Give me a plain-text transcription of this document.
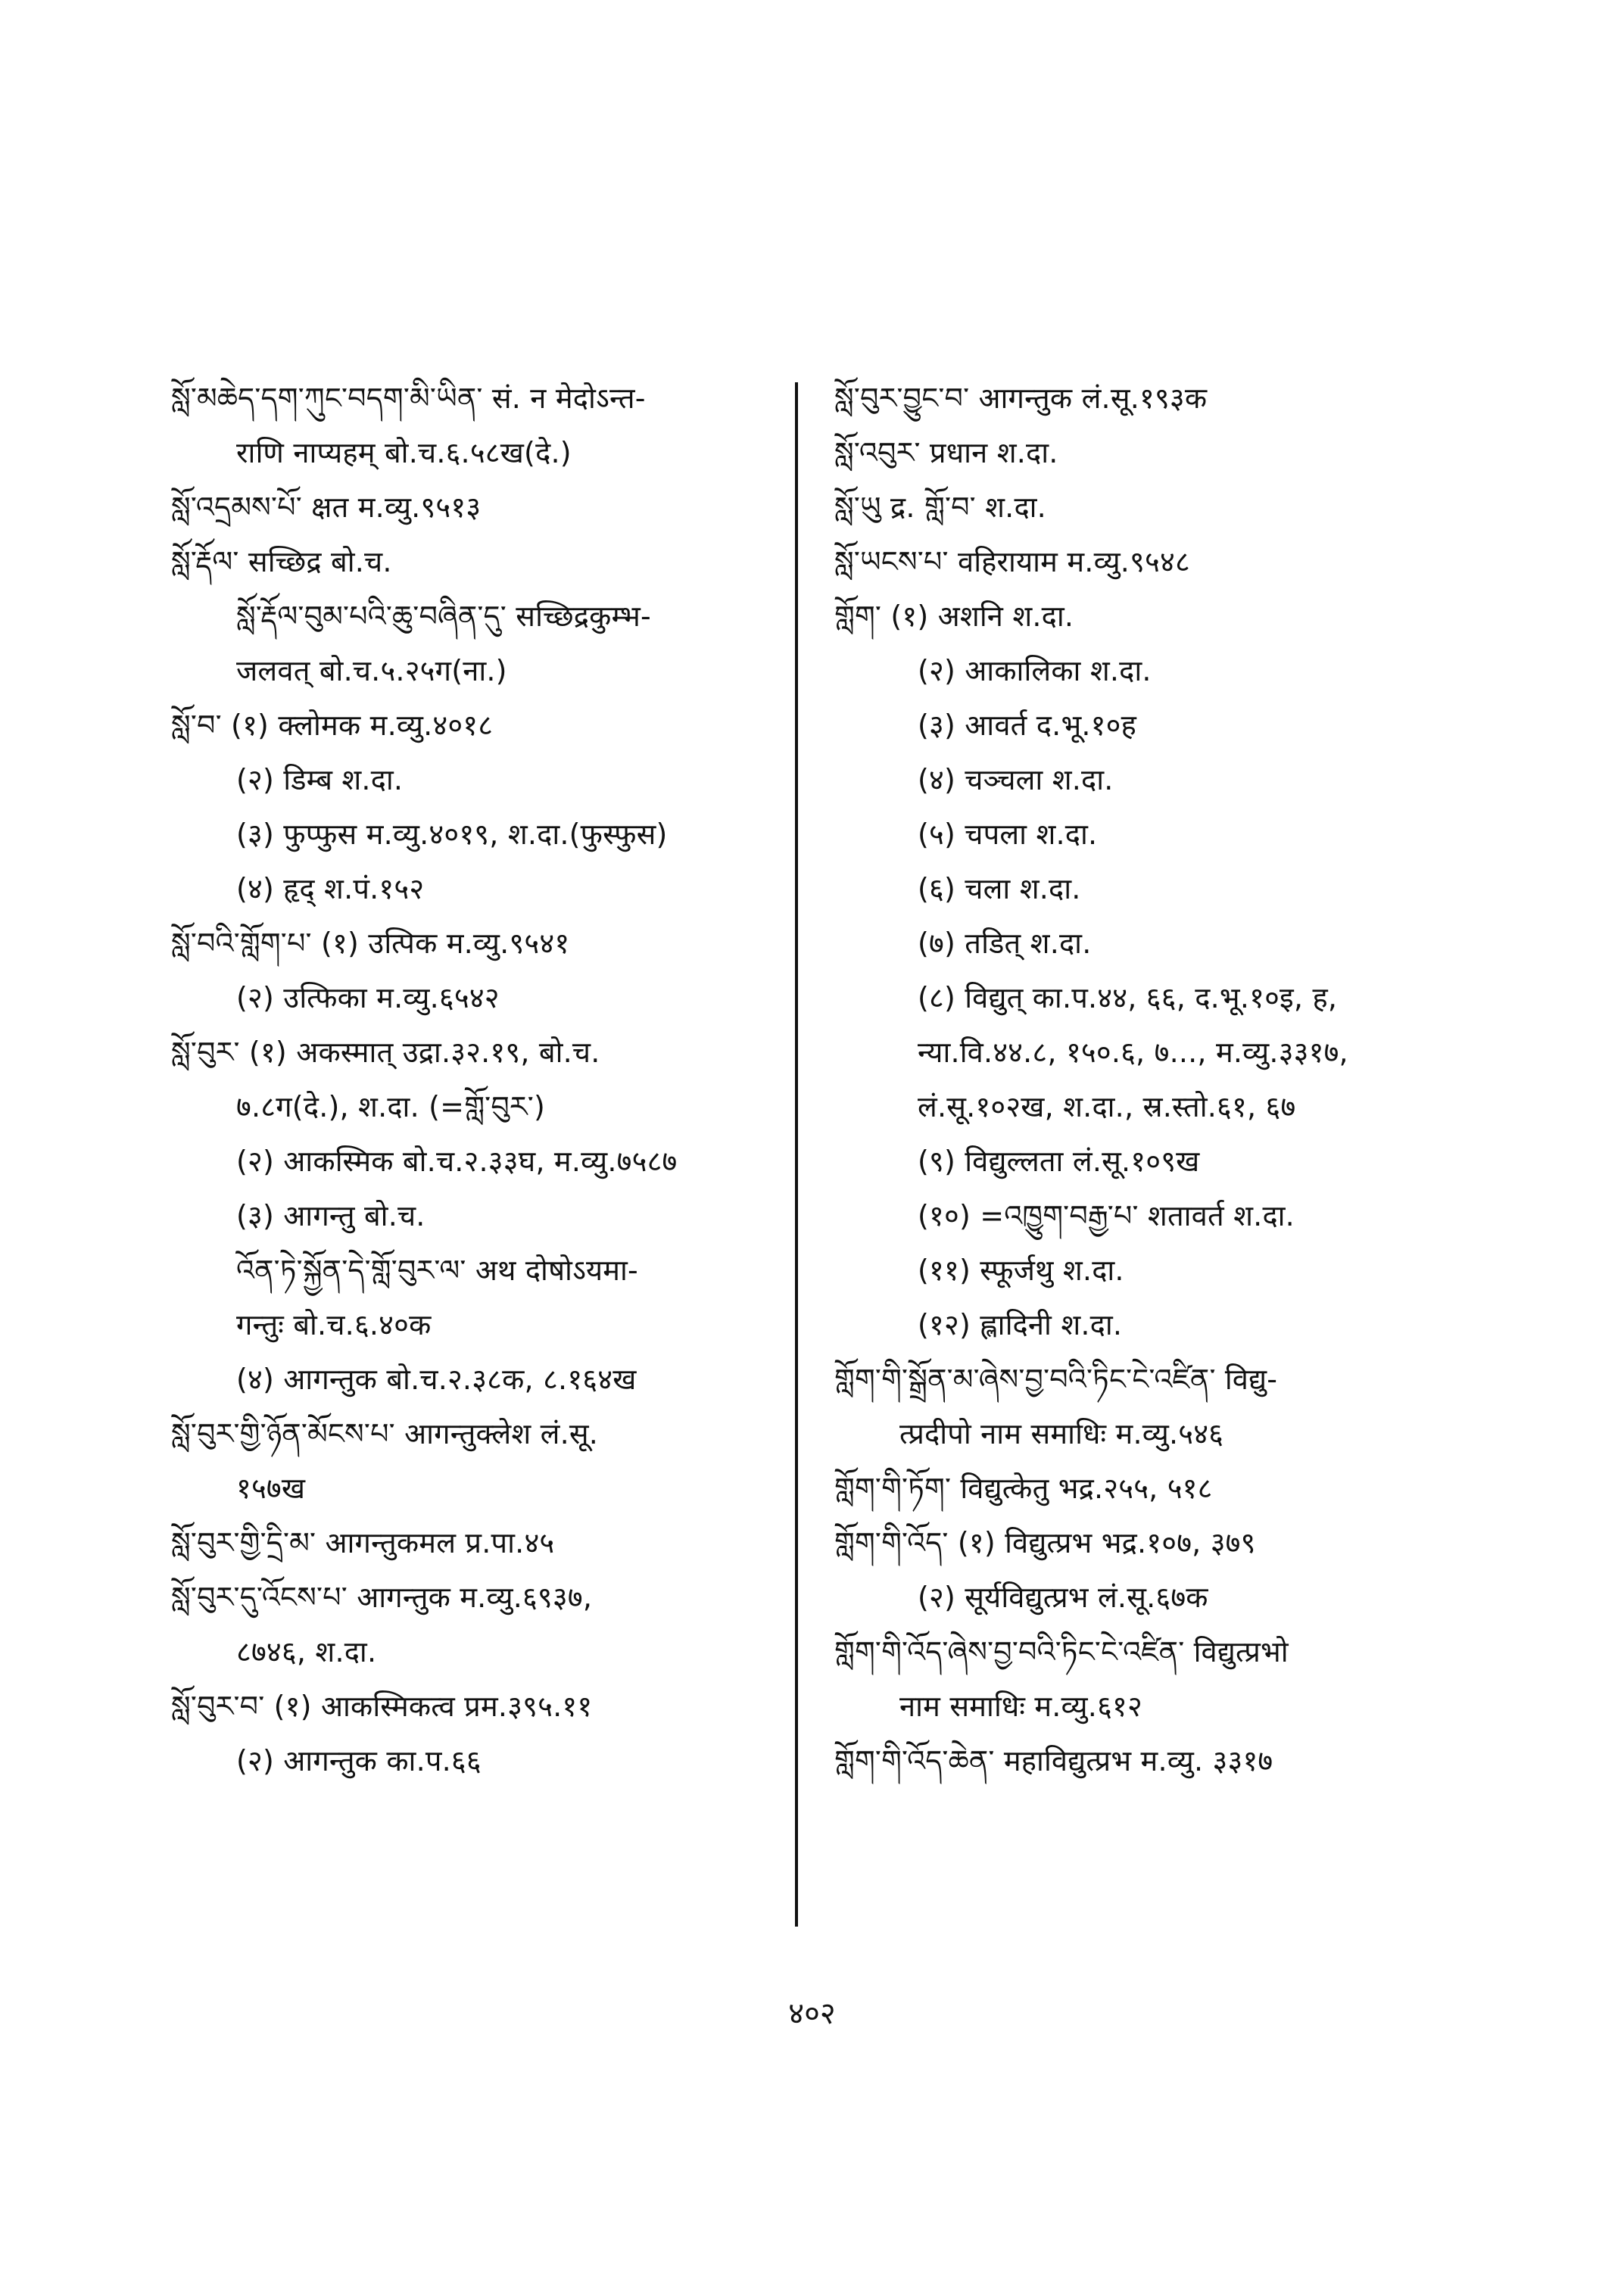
སློ་མཆེད་དག་ཀུང་བདག་མི་ཡིན་ सं. न मेदोऽन्त-
राणि नाप्यहम् बो.च.६.५८ख(दे.)
སློ་འདྲམས་པོ་ क्षत म.व्यु.९५१३
སློ་རྡོལ་ सच्छिद्र बो.च.
སློ་རྡོལ་བུམ་པའི་ཆུ་བཞིན་དུ་ सच्छिद्रकुम्भ-
जलवत् बो.च.५.२५ग(ना.)
སློ་བ་ (१) क्लोमक म.व्यु.४०१८
(२) डिम्ब श.दा.
(३) फुप्फुस म.व्यु.४०१९, श.दा.(फुस्फुस)
(४) हृद् श.पं.१५२
སློ་བའི་གློག་པ་ (१) उत्पिक म.व्यु.९५४१
(२) उत्फिका म.व्यु.६५४२
སློ་བུར་ (१) अकस्मात् उद्रा.३२.१९, बो.च.
७.८ग(दे.), श.दा. (=གློ་བུར་)
(२) आकस्मिक बो.च.२.३३घ, म.व्यु.७५८७
(३) आगन्तु बो.च.
འོན་ཏེ་སྐྱོན་དེ་གློ་བུར་ལ་ अथ दोषोऽयमा-
गन्तुः बो.च.६.४०क
(४) आगन्तुक बो.च.२.३८क, ८.१६४ख
སློ་བུར་གྱི་ཉོན་མོངས་པ་ आगन्तुक्लेश लं.सू.
१५७ख
སློ་བུར་གྱི་དྲི་མ་ आगन्तुकमल प्र.पा.४५
སློ་བུར་དུ་འོངས་པ་ आगन्तुक म.व्यु.६९३७,
८७४६, श.दा.
སློ་བུར་བ་ (१) आकस्मिकत्व प्रम.३९५.११
(२) आगन्तुक का.प.६६
སློ་བུར་བྱུང་བ་ आगन्तुक लं.सू.१९३क
སློ་འབུར་ प्रधान श.दा.
སློ་ཡུ द्र. གློ་བ་ श.दा.
སློ་ཡངས་པ་ वहिरायाम म.व्यु.९५४८
གློག་ (१) अशनि श.दा.
(२) आकालिका श.दा.
(३) आवर्त द.भू.१०ह
(४) चञ्चला श.दा.
(५) चपला श.दा.
(६) चला श.दा.
(७) तडित् श.दा.
(८) विद्युत् का.प.४४, ६६, द.भू.१०इ, ह,
न्या.वि.४४.८, १५०.६, ७..., म.व्यु.३३१७,
लं.सू.१०२ख, श.दा., स्र.स्तो.६१, ६७
(९) विद्युल्लता लं.सू.१०९ख
(१०) =འཁྱུག་བརྒྱ་པ་ शतावर्त श.दा.
(११) स्फूर्जथु श.दा.
(१२) ह्लादिनी श.दा.
གློག་གི་སྒྲོན་མ་ཞེས་བྱ་བའི་ཏིང་ངེ་འཛིན་ विद्यु-
त्प्रदीपो नाम समाधिः म.व्यु.५४६
གློག་གི་ཏོག་ विद्युत्केतु भद्र.२५५, ५१८
གློག་གི་འོད་ (१) विद्युत्प्रभ भद्र.१०७, ३७९
(२) सूर्यविद्युत्प्रभ लं.सू.६७क
གློག་གི་འོད་ཞེས་བྱ་བའི་ཏིང་ངེ་འཛིན་ विद्युत्प्रभो
नाम समाधिः म.व्यु.६१२
གློག་གི་འོད་ཆེན་ महाविद्युत्प्रभ म.व्यु. ३३१७
४०२
